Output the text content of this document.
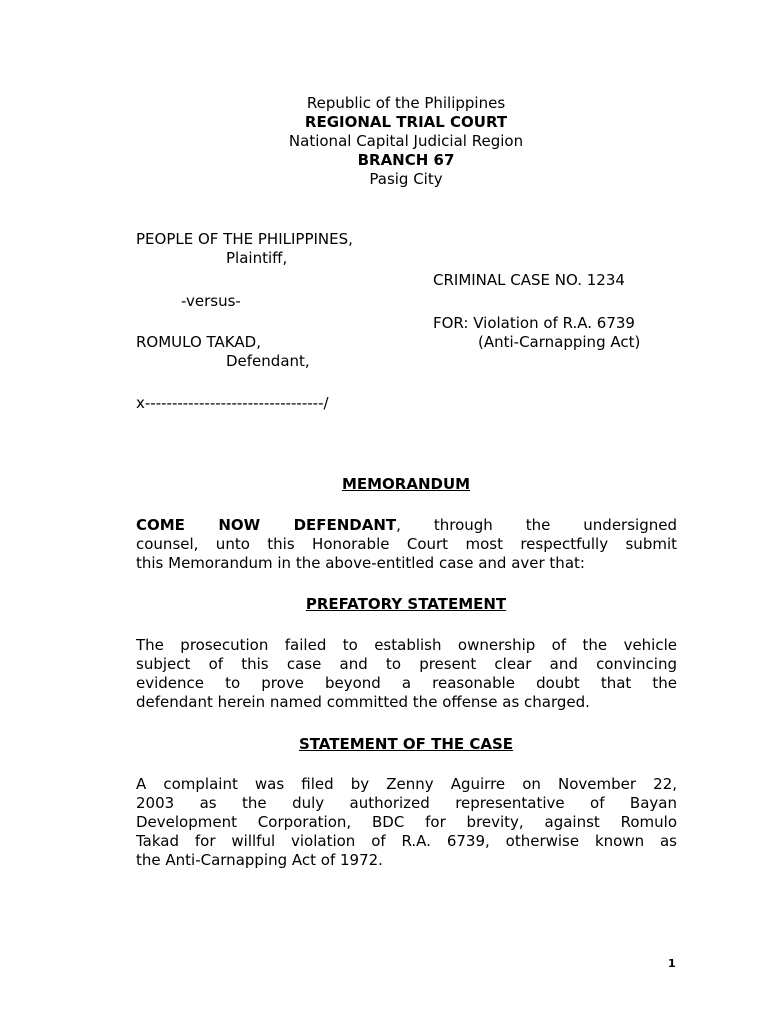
Republic of the Philippines
REGIONAL TRIAL COURT
National Capital Judicial Region
BRANCH 67
Pasig City
PEOPLE OF THE PHILIPPINES,
Plaintiff,
CRIMINAL CASE NO. 1234
-versus-
FOR: Violation of R.A. 6739
ROMULO TAKAD,	(Anti-Carnapping Act)
Defendant,
x---------------------------------/
MEMORANDUM
COME NOW DEFENDANT, through the undersigned
counsel, unto this Honorable Court most respectfully submit
this Memorandum in the above-entitled case and aver that:
PREFATORY STATEMENT
The prosecution failed to establish ownership of the vehicle
subject of this case and to present clear and convincing
evidence to prove beyond a reasonable doubt that the
defendant herein named committed the offense as charged.
STATEMENT OF THE CASE
A complaint was filed by Zenny Aguirre on November 22,
2003 as the duly authorized representative of Bayan
Development Corporation, BDC for brevity, against Romulo
Takad for willful violation of R.A. 6739, otherwise known as
the Anti-Carnapping Act of 1972.
1
